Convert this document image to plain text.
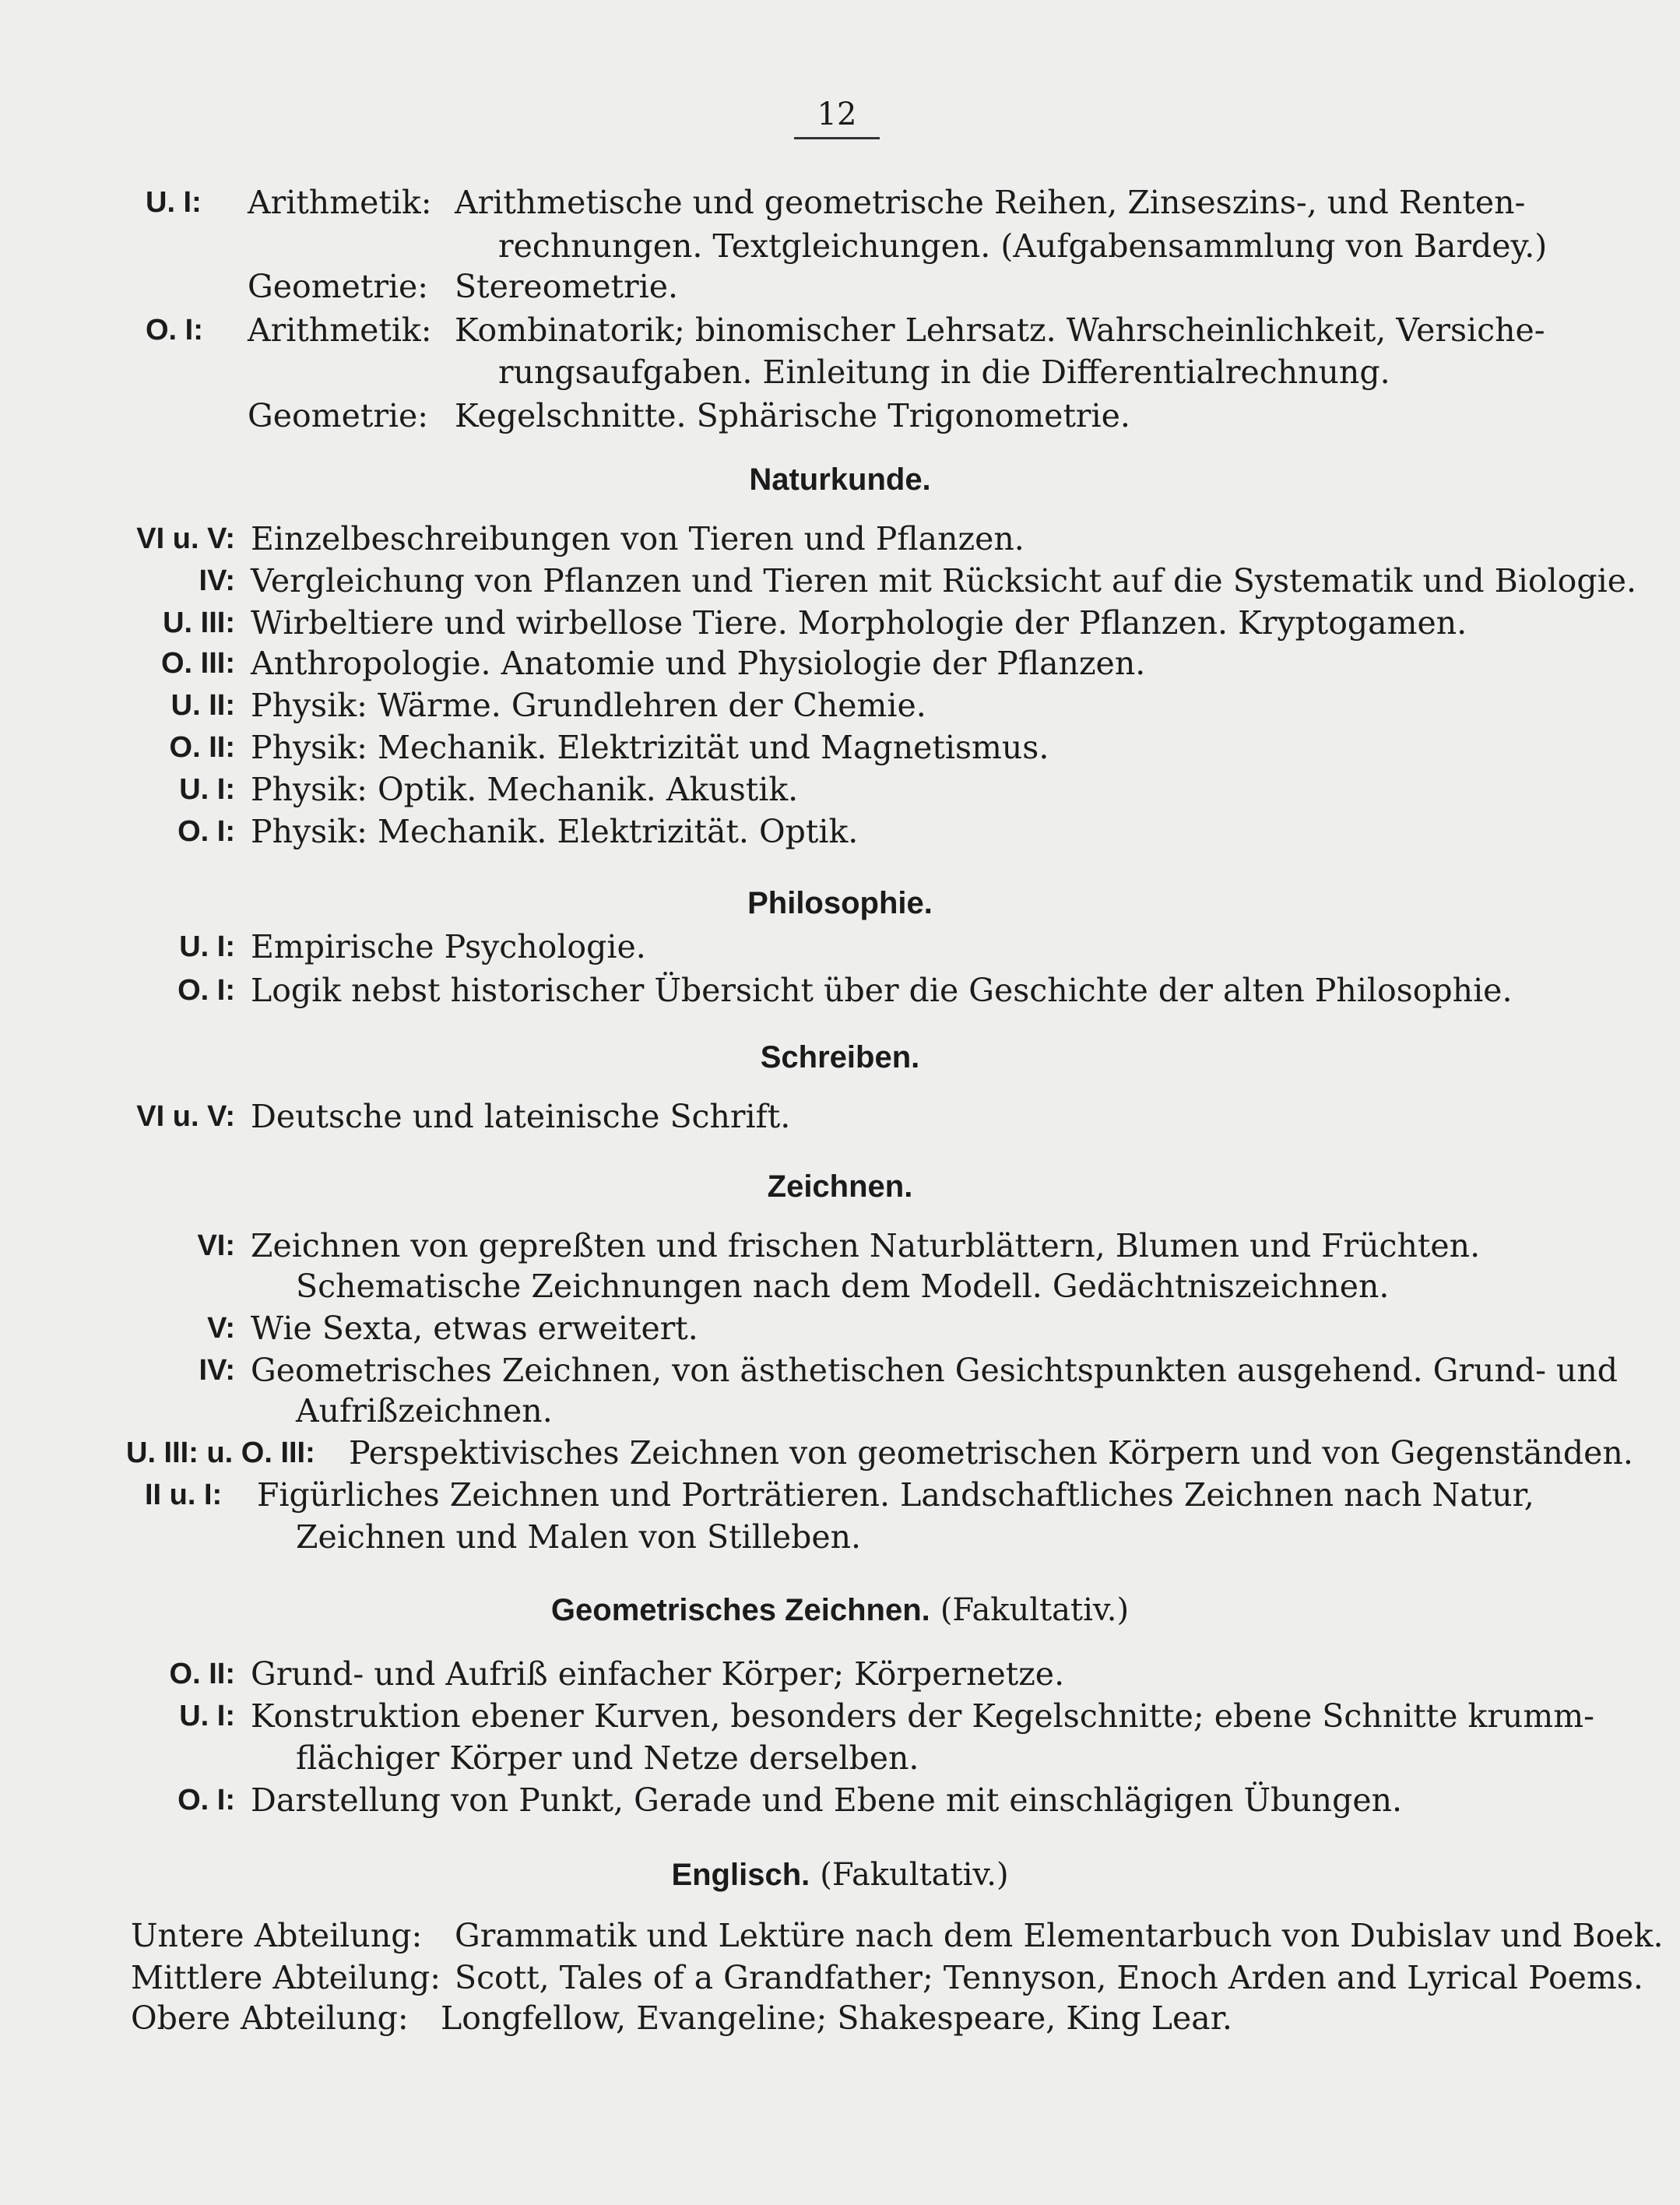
12
U. I: Arithmetik: Arithmetische und geometrische Reihen, Zinseszins-, und Renten-
rechnungen. Textgleichungen. (Aufgabensammlung von Bardey.)
Geometrie: Stereometrie.
O. I: Arithmetik: Kombinatorik; binomischer Lehrsatz. Wahrscheinlichkeit, Versiche-
rungsaufgaben. Einleitung in die Differentialrechnung.
Geometrie: Kegelschnitte. Sphärische Trigonometrie.
Naturkunde.
VI u. V: Einzelbeschreibungen von Tieren und Pflanzen.
IV: Vergleichung von Pflanzen und Tieren mit Rücksicht auf die Systematik und Biologie.
U. III: Wirbeltiere und wirbellose Tiere. Morphologie der Pflanzen. Kryptogamen.
O. III: Anthropologie. Anatomie und Physiologie der Pflanzen.
U. II: Physik: Wärme. Grundlehren der Chemie.
O. II: Physik: Mechanik. Elektrizität und Magnetismus.
U. I: Physik: Optik. Mechanik. Akustik.
O. I: Physik: Mechanik. Elektrizität. Optik.
Philosophie.
U. I: Empirische Psychologie.
O. I: Logik nebst historischer Übersicht über die Geschichte der alten Philosophie.
Schreiben.
VI u. V: Deutsche und lateinische Schrift.
Zeichnen.
VI: Zeichnen von gepreßten und frischen Naturblättern, Blumen und Früchten.
Schematische Zeichnungen nach dem Modell. Gedächtniszeichnen.
V: Wie Sexta, etwas erweitert.
IV: Geometrisches Zeichnen, von ästhetischen Gesichtspunkten ausgehend. Grund- und
Aufrißzeichnen.
U. III: u. O. III: Perspektivisches Zeichnen von geometrischen Körpern und von Gegenständen.
II u. I: Figürliches Zeichnen und Porträtieren. Landschaftliches Zeichnen nach Natur,
Zeichnen und Malen von Stilleben.
Geometrisches Zeichnen. (Fakultativ.)
O. II: Grund- und Aufriß einfacher Körper; Körpernetze.
U. I: Konstruktion ebener Kurven, besonders der Kegelschnitte; ebene Schnitte krumm-
flächiger Körper und Netze derselben.
O. I: Darstellung von Punkt, Gerade und Ebene mit einschlägigen Übungen.
Englisch. (Fakultativ.)
Untere Abteilung: Grammatik und Lektüre nach dem Elementarbuch von Dubislav und Boek.
Mittlere Abteilung: Scott, Tales of a Grandfather; Tennyson, Enoch Arden and Lyrical Poems.
Obere Abteilung: Longfellow, Evangeline; Shakespeare, King Lear.
